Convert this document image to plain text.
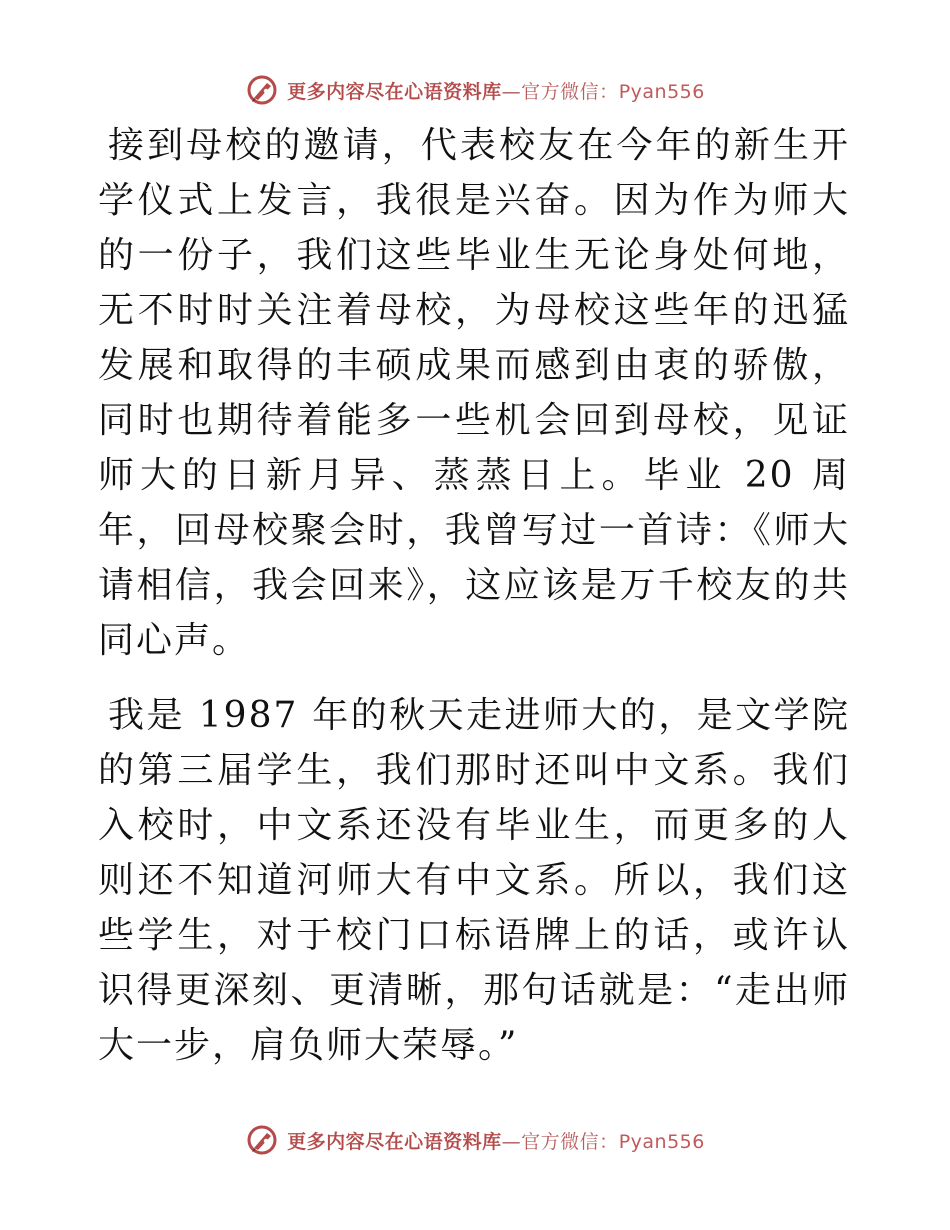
更多内容尽在心语资料库—官方微信：Pyan556

接到母校的邀请，代表校友在今年的新生开学仪式上发言，我很是兴奋。因为作为师大的一份子，我们这些毕业生无论身处何地，无不时时关注着母校，为母校这些年的迅猛发展和取得的丰硕成果而感到由衷的骄傲，同时也期待着能多一些机会回到母校，见证师大的日新月异、蒸蒸日上。毕业 20 周年，回母校聚会时，我曾写过一首诗：《师大请相信，我会回来》，这应该是万千校友的共同心声。

我是 1987 年的秋天走进师大的，是文学院的第三届学生，我们那时还叫中文系。我们入校时，中文系还没有毕业生，而更多的人则还不知道河师大有中文系。所以，我们这些学生，对于校门口标语牌上的话，或许认识得更深刻、更清晰，那句话就是：“走出师大一步，肩负师大荣辱。”

更多内容尽在心语资料库—官方微信：Pyan556
